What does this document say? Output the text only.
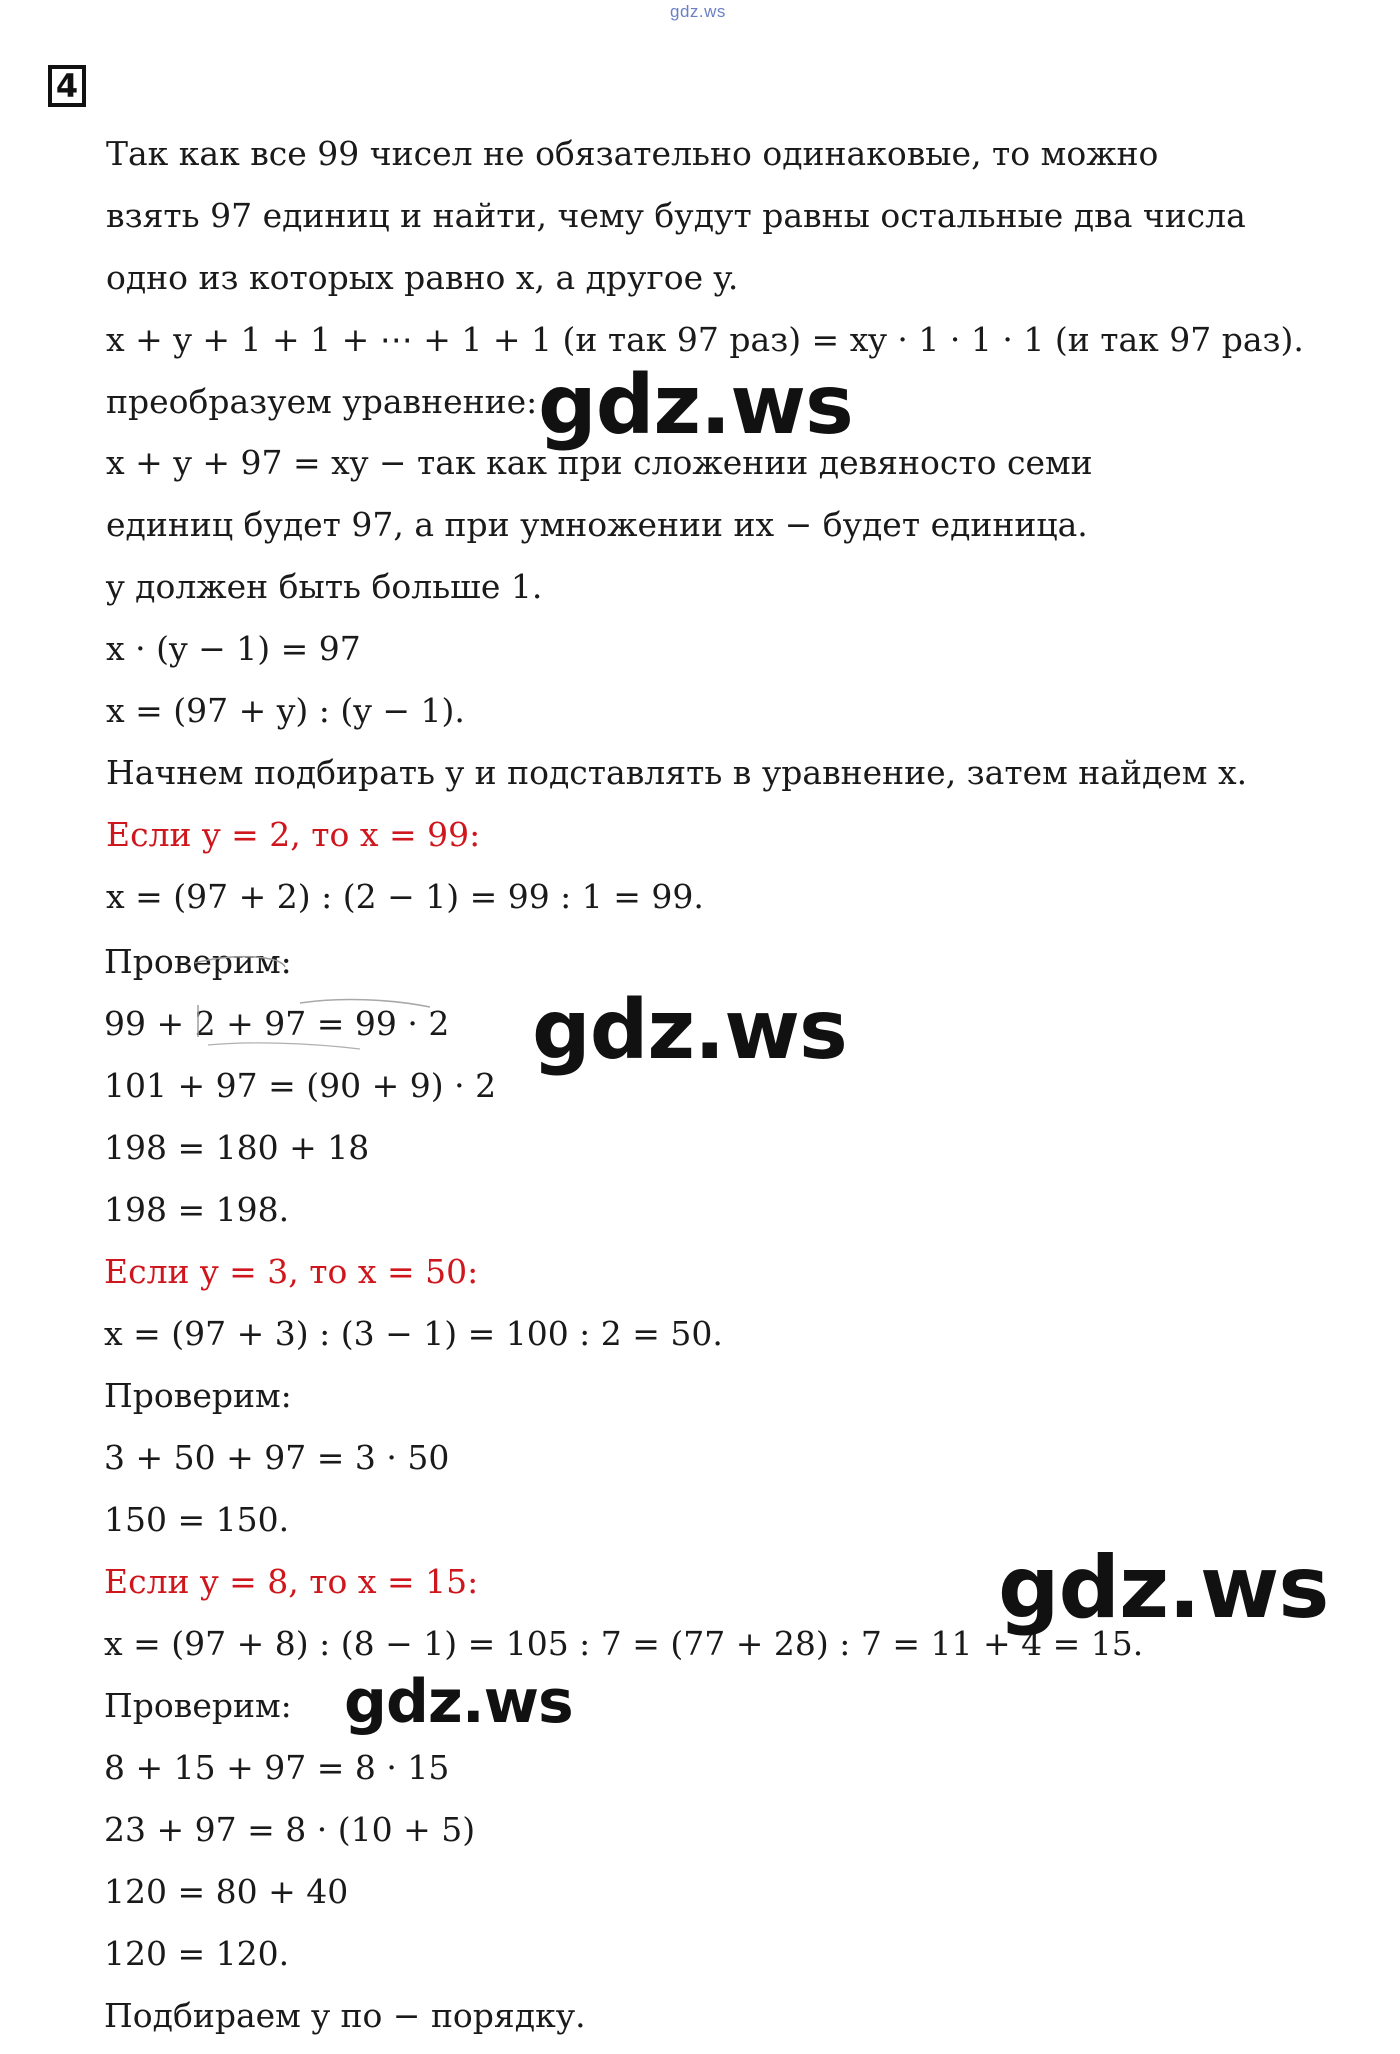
gdz.ws
4
Так как все 99 чисел не обязательно одинаковые, то можно
взять 97 единиц и найти, чему будут равны остальные два числа
одно из которых равно x, а другое y.
x + y + 1 + 1 + ⋯ + 1 + 1 (и так 97 раз) = xy · 1 · 1 · 1 (и так 97 раз).
преобразуем уравнение:
x + y + 97 = xy − так как при сложении девяносто семи
единиц будет 97, а при умножении их − будет единица.
y должен быть больше 1.
x · (y − 1) = 97
x = (97 + y) : (y − 1).
Начнем подбирать y и подставлять в уравнение, затем найдем x.
Если y = 2, то x = 99:
x = (97 + 2) : (2 − 1) = 99 : 1 = 99.
Проверим:
99 + 2 + 97 = 99 · 2
101 + 97 = (90 + 9) · 2
198 = 180 + 18
198 = 198.
Если y = 3, то x = 50:
x = (97 + 3) : (3 − 1) = 100 : 2 = 50.
Проверим:
3 + 50 + 97 = 3 · 50
150 = 150.
Если y = 8, то x = 15:
x = (97 + 8) : (8 − 1) = 105 : 7 = (77 + 28) : 7 = 11 + 4 = 15.
Проверим:
8 + 15 + 97 = 8 · 15
23 + 97 = 8 · (10 + 5)
120 = 80 + 40
120 = 120.
Подбираем y по − порядку.
gdz.ws
gdz.ws
gdz.ws
gdz.ws
